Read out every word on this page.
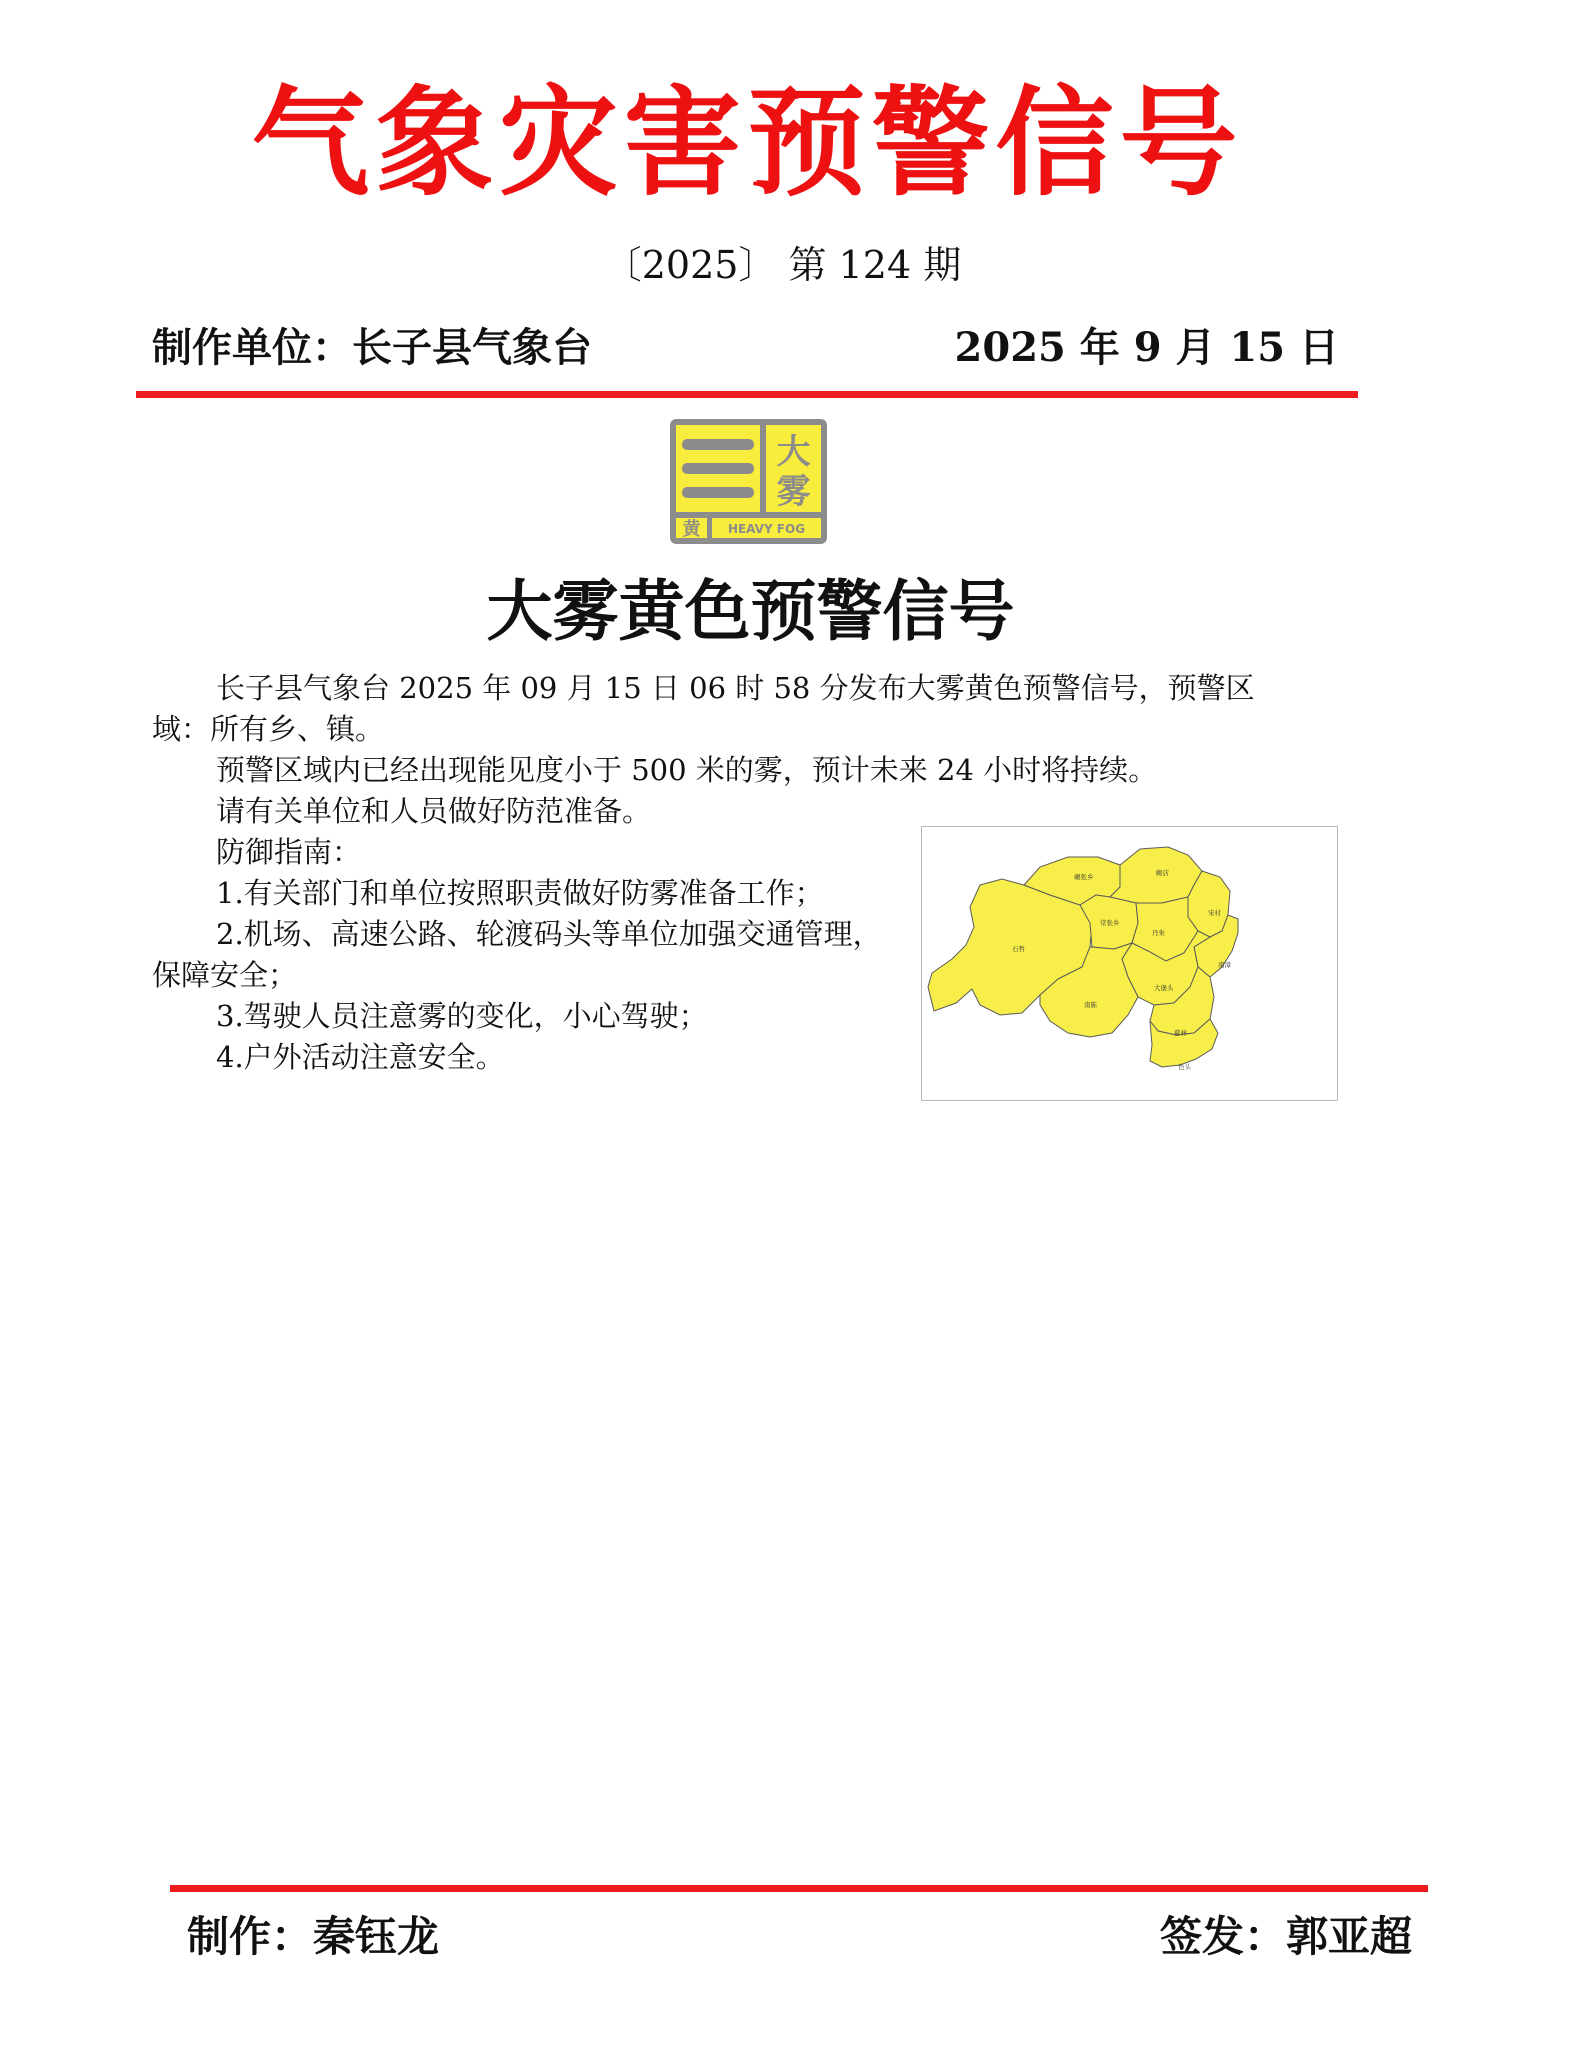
气象灾害预警信号
〔2025〕 第 124 期
制作单位：长子县气象台	2025 年 9 月 15 日
大
雾
黄 HEAVY FOG
大雾黄色预警信号

长子县气象台 2025 年 09 月 15 日 06 时 58 分发布大雾黄色预警信号，预警区域：所有乡、镇。

预警区域内已经出现能见度小于 500 米的雾，预计未来 24 小时将持续。

请有关单位和人员做好防范准备。

防御指南：

1.有关部门和单位按照职责做好防雾准备工作；

2.机场、高速公路、轮渡码头等单位加强交通管理，保障安全；

3.驾驶人员注意雾的变化，小心驾驶；

4.户外活动注意安全。

碾张乡	鲍店
常张乡
宋村
石哲
丹朱
南漳
大堡头
南陈
慈林
色头
制作：秦钰龙	签发：郭亚超
